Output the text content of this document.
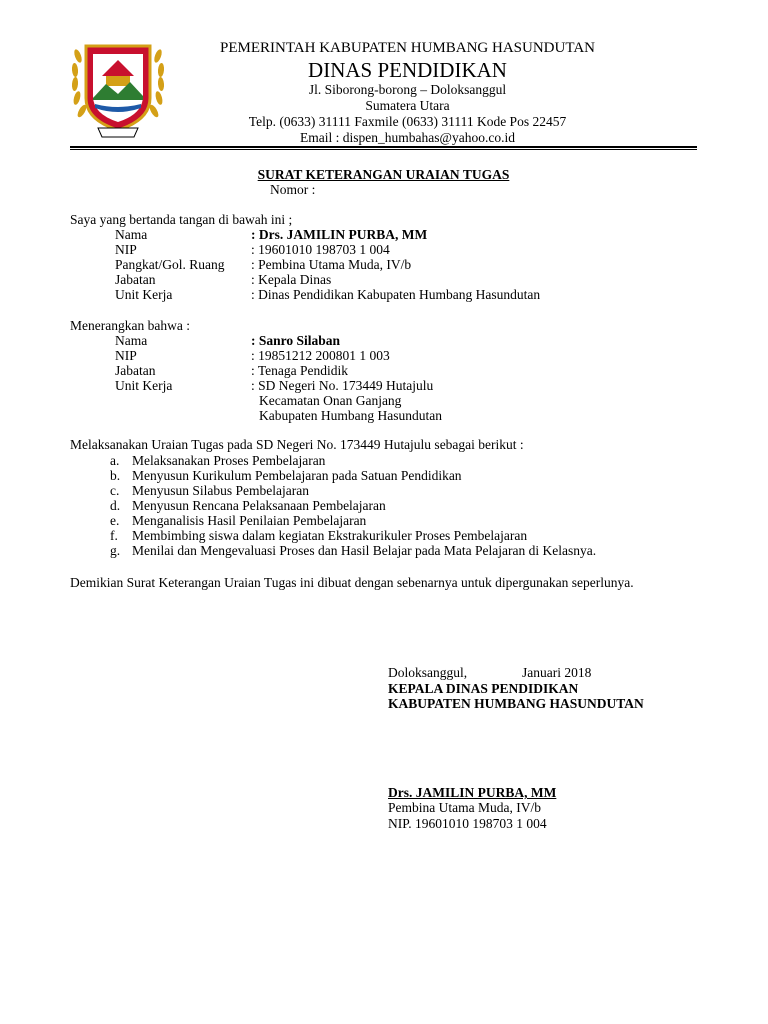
PEMERINTAH KABUPATEN HUMBANG HASUNDUTAN
DINAS PENDIDIKAN
Jl. Siborong-borong – Doloksanggul
Sumatera Utara
Telp. (0633) 31111 Faxmile (0633) 31111 Kode Pos 22457
Email : dispen_humbahas@yahoo.co.id
SURAT KETERANGAN URAIAN TUGAS
Nomor :
Saya yang bertanda tangan di bawah ini ;
Nama	: Drs. JAMILIN PURBA, MM
NIP	: 19601010 198703 1 004
Pangkat/Gol. Ruang : Pembina Utama Muda, IV/b
Jabatan	: Kepala Dinas
Unit Kerja	: Dinas Pendidikan Kabupaten Humbang Hasundutan
Menerangkan bahwa :
Nama	: Sanro Silaban
NIP	: 19851212 200801 1 003
Jabatan	: Tenaga Pendidik
Unit Kerja	: SD Negeri No. 173449 Hutajulu
Kecamatan Onan Ganjang
Kabupaten Humbang Hasundutan
Melaksanakan Uraian Tugas pada SD Negeri No. 173449 Hutajulu sebagai berikut :
a. Melaksanakan Proses Pembelajaran
b. Menyusun Kurikulum Pembelajaran pada Satuan Pendidikan
c. Menyusun Silabus Pembelajaran
d. Menyusun Rencana Pelaksanaan Pembelajaran
e. Menganalisis Hasil Penilaian Pembelajaran
f. Membimbing siswa dalam kegiatan Ekstrakurikuler Proses Pembelajaran
g. Menilai dan Mengevaluasi Proses dan Hasil Belajar pada Mata Pelajaran di Kelasnya.
Demikian Surat Keterangan Uraian Tugas ini dibuat dengan sebenarnya untuk dipergunakan seperlunya.
Doloksanggul,	Januari 2018
KEPALA DINAS PENDIDIKAN
KABUPATEN HUMBANG HASUNDUTAN
Drs. JAMILIN PURBA, MM
Pembina Utama Muda, IV/b
NIP. 19601010 198703 1 004
